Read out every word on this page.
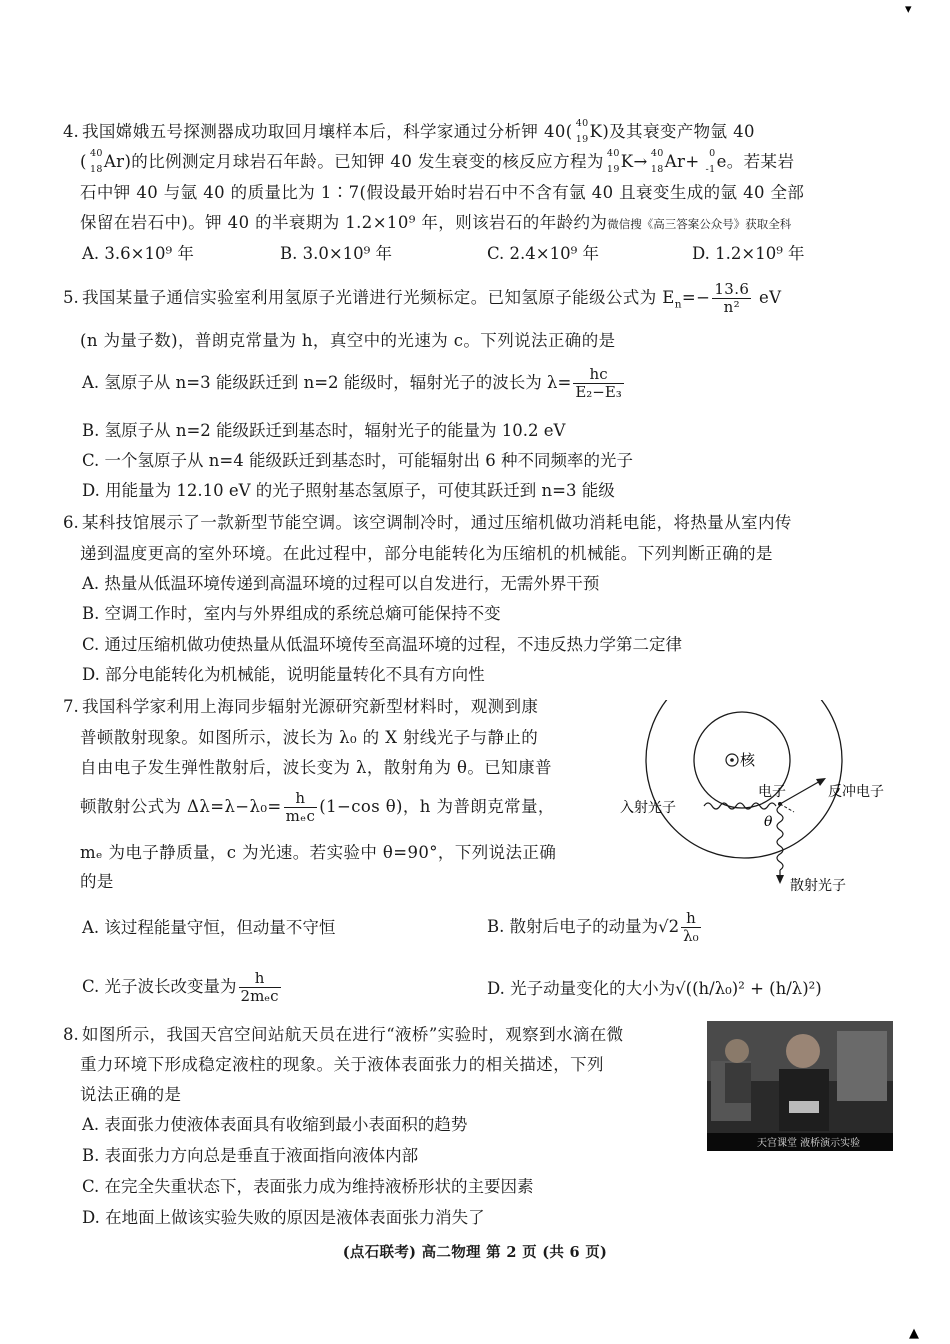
▾
4. 我国嫦娥五号探测器成功取回月壤样本后，科学家通过分析钾 40( 40
19 K)及其衰变产物氩 40
( 40
18 Ar)的比例测定月球岩石年龄。已知钾 40 发生衰变的核反应方程为 40
19 K→ 40
18 Ar+ 0
-1 e。若某岩
石中钾 40 与氩 40 的质量比为 1∶7(假设最开始时岩石中不含有氩 40 且衰变生成的氩 40 全部
保留在岩石中)。钾 40 的半衰期为 1.2×10⁹ 年，则该岩石的年龄约为微信搜《高三答案公众号》获取全科
A. 3.6×10⁹ 年	B. 3.0×10⁹ 年	C. 2.4×10⁹ 年	D. 1.2×10⁹ 年
5. 我国某量子通信实验室利用氢原子光谱进行光频标定。已知氢原子能级公式为 $E_n=- \frac{13.6}{\text{n²}}$ eV
(n 为量子数)，普朗克常量为 h，真空中的光速为 c。下列说法正确的是
A. 氢原子从 n=3 能级跃迁到 n=2 能级时，辐射光子的波长为 $\lambda= \frac{hc}{\text{E₂−E₃}}$
B. 氢原子从 n=2 能级跃迁到基态时，辐射光子的能量为 10.2 eV
C. 一个氢原子从 n=4 能级跃迁到基态时，可能辐射出 6 种不同频率的光子
D. 用能量为 12.10 eV 的光子照射基态氢原子，可使其跃迁到 n=3 能级
6. 某科技馆展示了一款新型节能空调。该空调制冷时，通过压缩机做功消耗电能，将热量从室内传
递到温度更高的室外环境。在此过程中，部分电能转化为压缩机的机械能。下列判断正确的是
A. 热量从低温环境传递到高温环境的过程可以自发进行，无需外界干预
B. 空调工作时，室内与外界组成的系统总熵可能保持不变
C. 通过压缩机做功使热量从低温环境传至高温环境的过程，不违反热力学第二定律
D. 部分电能转化为机械能，说明能量转化不具有方向性
7. 我国科学家利用上海同步辐射光源研究新型材料时，观测到康
普顿散射现象。如图所示，波长为 λ₀ 的 X 射线光子与静止的
自由电子发生弹性散射后，波长变为 λ，散射角为 θ。已知康普
顿散射公式为 $\Delta\lambda=\lambda-\lambda_0= \frac{h}{\text{mₑc}} (1-\cos$ θ)，h 为普朗克常量，
mₑ 为电子静质量，c 为光速。若实验中 θ=90°，下列说法正确
的是
核
电子	反冲电子
入射光子
θ
散射光子
A. 该过程能量守恒，但动量不守恒	B. 散射后电子的动量为$√2 \frac{h}{\text{λ₀}}$
C. 光子波长改变量为 $\frac{h}{\text{2mₑc}}$	D. 光子动量变化的大小为√((h/λ₀)² + (h/λ)²)
8. 如图所示，我国天宫空间站航天员在进行“液桥”实验时，观察到水滴在微
重力环境下形成稳定液柱的现象。关于液体表面张力的相关描述，下列
说法正确的是
A. 表面张力使液体表面具有收缩到最小表面积的趋势
B. 表面张力方向总是垂直于液面指向液体内部
C. 在完全失重状态下，表面张力成为维持液桥形状的主要因素
D. 在地面上做该实验失败的原因是液体表面张力消失了
天宫课堂 液桥演示实验
(点石联考) 高二物理 第 2 页 (共 6 页)
▲
